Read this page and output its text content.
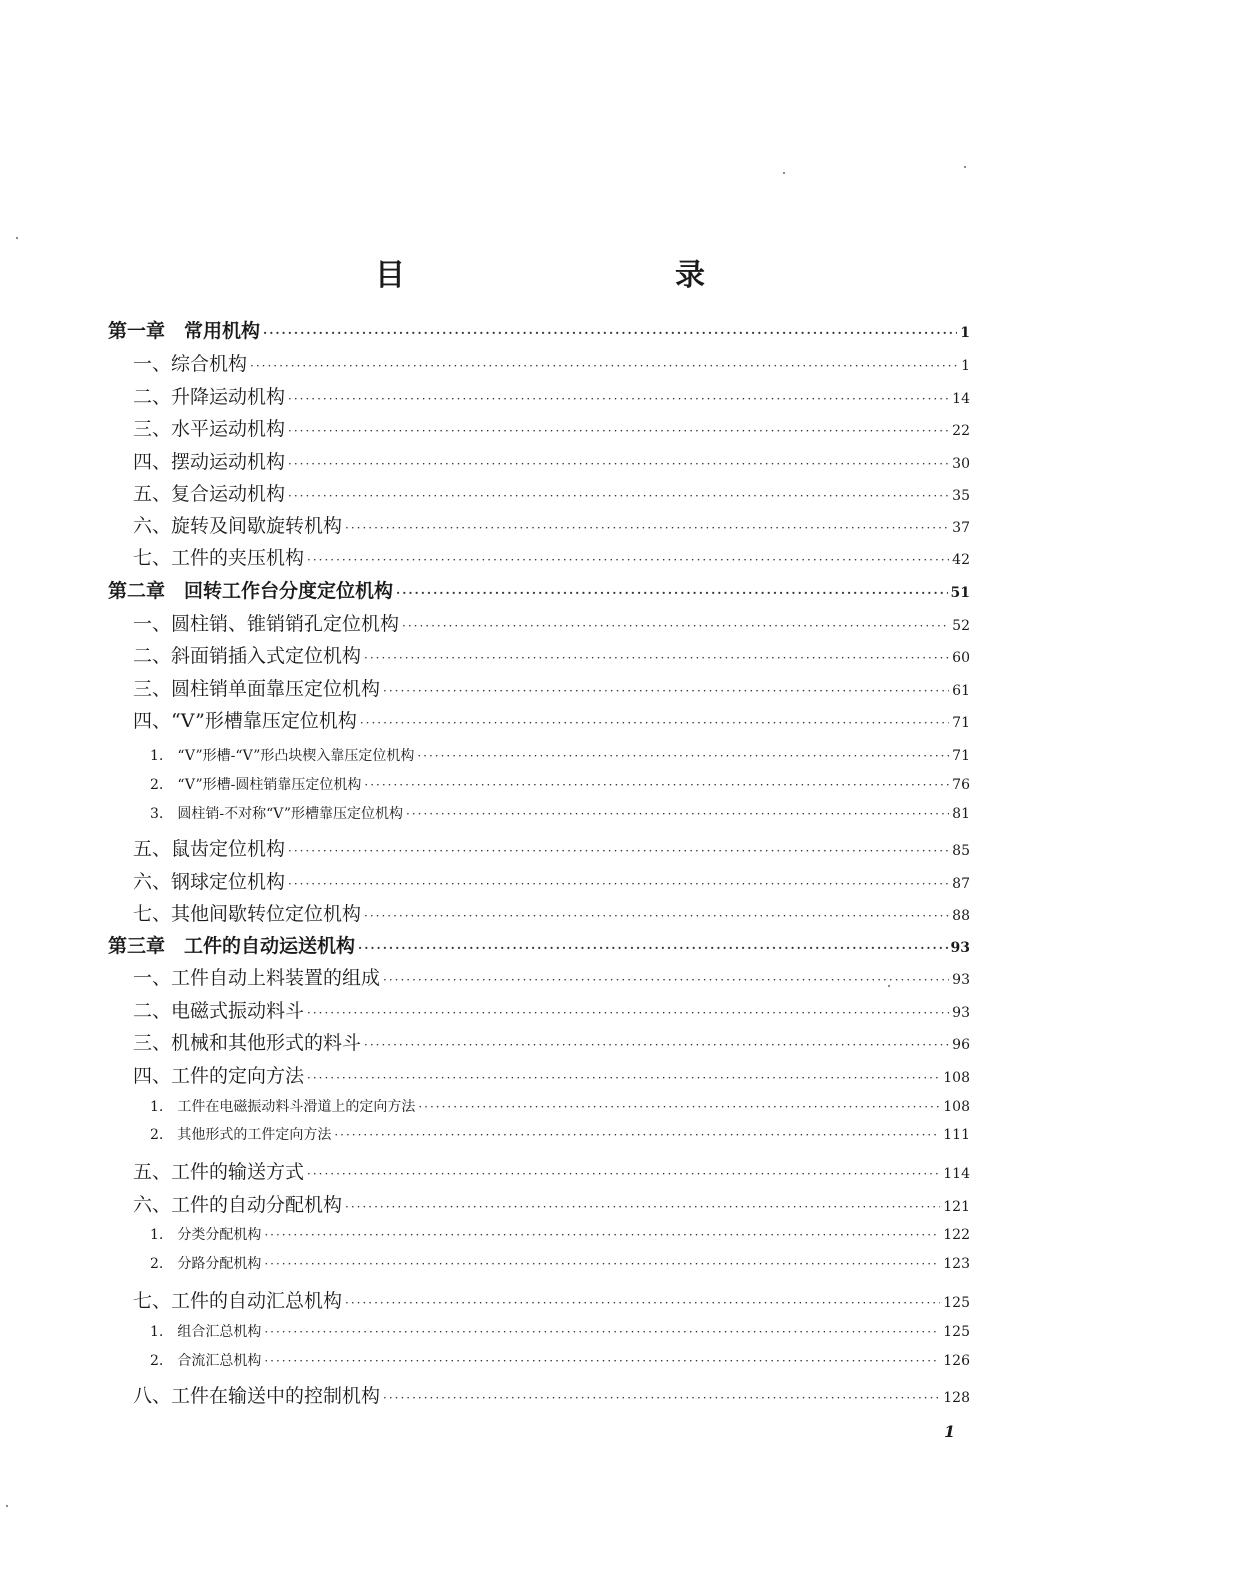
目　　录
第一章　常用机构 ·····	1
一、综合机构 ·····	1
二、升降运动机构 ·····	14
三、水平运动机构 ·····	22
四、摆动运动机构 ·····	30
五、复合运动机构 ·····	35
六、旋转及间歇旋转机构 ·····	37
七、工件的夹压机构 ·····	42
第二章　回转工作台分度定位机构 ·····	51
一、圆柱销、锥销销孔定位机构 ·····	52
二、斜面销插入式定位机构 ·····	60
三、圆柱销单面靠压定位机构 ·····	61
四、“V”形槽靠压定位机构 ·····	71
1.　“V”形槽-“V”形凸块楔入靠压定位机构 ·····	71
2.　“V”形槽-圆柱销靠压定位机构 ·····	76
3.　圆柱销-不对称“V”形槽靠压定位机构 ·····	81
五、鼠齿定位机构 ·····	85
六、钢球定位机构 ·····	87
七、其他间歇转位定位机构 ·····	88
第三章　工件的自动运送机构 ·····	93
一、工件自动上料装置的组成 ·····	93
二、电磁式振动料斗 ·····	93
三、机械和其他形式的料斗 ·····	96
四、工件的定向方法 ·····	108
1.　工件在电磁振动料斗滑道上的定向方法 ·····	108
2.　其他形式的工件定向方法 ·····	111
五、工件的输送方式 ·····	114
六、工件的自动分配机构 ·····	121
1.　分类分配机构 ·····	122
2.　分路分配机构 ·····	123
七、工件的自动汇总机构 ·····	125
1.　组合汇总机构 ·····	125
2.　合流汇总机构 ·····	126
八、工件在输送中的控制机构 ·····	128
1
